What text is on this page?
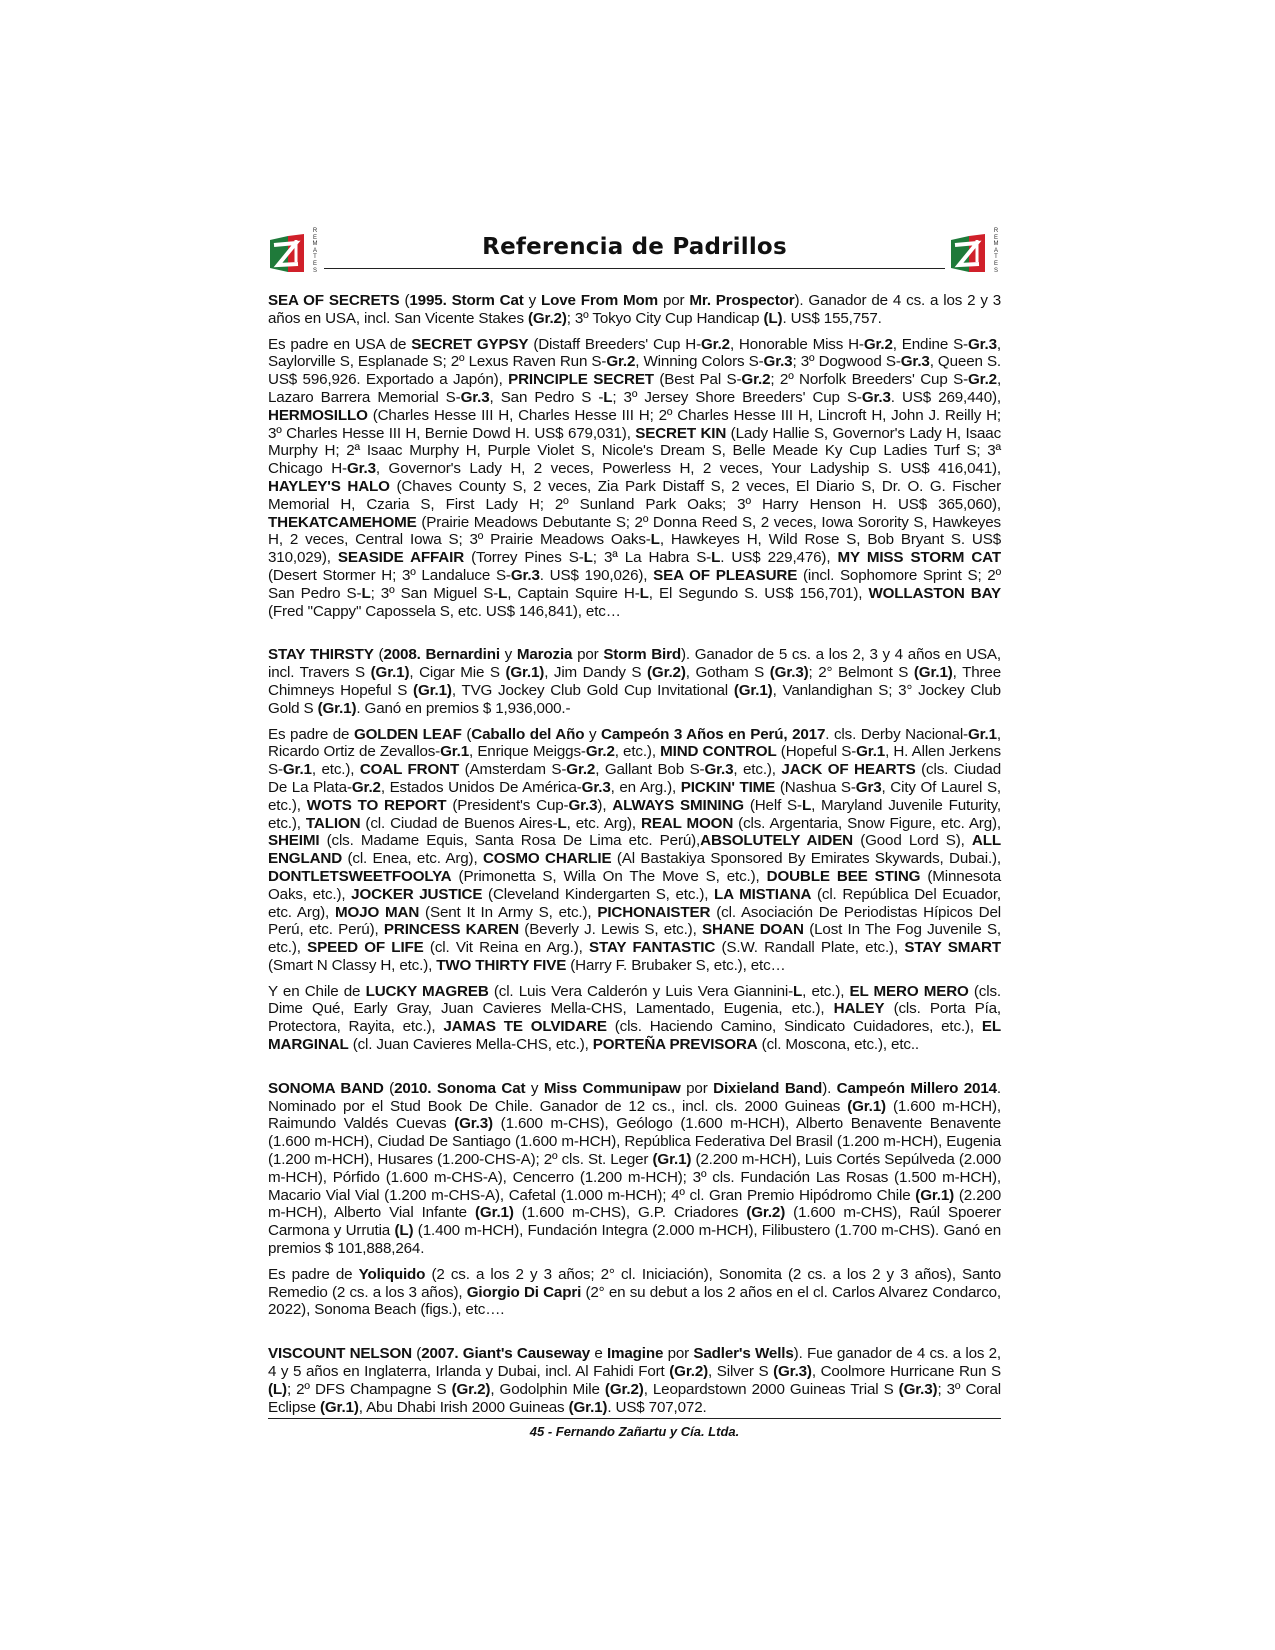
R
E
M
A
T
E
S
Referencia de Padrillos
R
E
M
A
T
E
S

SEA OF SECRETS (1995. Storm Cat y Love From Mom por Mr. Prospector). Ganador de 4 cs. a los 2 y 3 años en USA, incl. San Vicente Stakes (Gr.2); 3º Tokyo City Cup Handicap (L). US$ 155,757.

Es padre en USA de SECRET GYPSY (Distaff Breeders' Cup H-Gr.2, Honorable Miss H-Gr.2, Endine S-Gr.3, Saylorville S, Esplanade S; 2º Lexus Raven Run S-Gr.2, Winning Colors S-Gr.3; 3º Dogwood S-Gr.3, Queen S. US$ 596,926. Exportado a Japón), PRINCIPLE SECRET (Best Pal S-Gr.2; 2º Norfolk Breeders' Cup S-Gr.2, Lazaro Barrera Memorial S-Gr.3, San Pedro S -L; 3º Jersey Shore Breeders' Cup S-Gr.3. US$ 269,440), HERMOSILLO (Charles Hesse III H, Charles Hesse III H; 2º Charles Hesse III H, Lincroft H, John J. Reilly H; 3º Charles Hesse III H, Bernie Dowd H. US$ 679,031), SECRET KIN (Lady Hallie S, Governor's Lady H, Isaac Murphy H; 2ª Isaac Murphy H, Purple Violet S, Nicole's Dream S, Belle Meade Ky Cup Ladies Turf S; 3ª Chicago H-Gr.3, Governor's Lady H, 2 veces, Powerless H, 2 veces, Your Ladyship S. US$ 416,041), HAYLEY'S HALO (Chaves County S, 2 veces, Zia Park Distaff S, 2 veces, El Diario S, Dr. O. G. Fischer Memorial H, Czaria S, First Lady H; 2º Sunland Park Oaks; 3º Harry Henson H. US$ 365,060), THEKATCAMEHOME (Prairie Meadows Debutante S; 2º Donna Reed S, 2 veces, Iowa Sorority S, Hawkeyes H, 2 veces, Central Iowa S; 3º Prairie Meadows Oaks-L, Hawkeyes H, Wild Rose S, Bob Bryant S. US$ 310,029), SEASIDE AFFAIR (Torrey Pines S-L; 3ª La Habra S-L. US$ 229,476), MY MISS STORM CAT (Desert Stormer H; 3º Landaluce S-Gr.3. US$ 190,026), SEA OF PLEASURE (incl. Sophomore Sprint S; 2º San Pedro S-L; 3º San Miguel S-L, Captain Squire H-L, El Segundo S. US$ 156,701), WOLLASTON BAY (Fred "Cappy" Capossela S, etc. US$ 146,841), etc…

STAY THIRSTY (2008. Bernardini y Marozia por Storm Bird). Ganador de 5 cs. a los 2, 3 y 4 años en USA, incl. Travers S (Gr.1), Cigar Mie S (Gr.1), Jim Dandy S (Gr.2), Gotham S (Gr.3); 2° Belmont S (Gr.1), Three Chimneys Hopeful S (Gr.1), TVG Jockey Club Gold Cup Invitational (Gr.1), Vanlandighan S; 3° Jockey Club Gold S (Gr.1). Ganó en premios $ 1,936,000.-

Es padre de GOLDEN LEAF (Caballo del Año y Campeón 3 Años en Perú, 2017. cls. Derby Nacional-Gr.1, Ricardo Ortiz de Zevallos-Gr.1, Enrique Meiggs-Gr.2, etc.), MIND CONTROL (Hopeful S-Gr.1, H. Allen Jerkens S-Gr.1, etc.), COAL FRONT (Amsterdam S-Gr.2, Gallant Bob S-Gr.3, etc.), JACK OF HEARTS (cls. Ciudad De La Plata-Gr.2, Estados Unidos De América-Gr.3, en Arg.), PICKIN' TIME (Nashua S-Gr3, City Of Laurel S, etc.), WOTS TO REPORT (President's Cup-Gr.3), ALWAYS SMINING (Helf S-L, Maryland Juvenile Futurity, etc.), TALION (cl. Ciudad de Buenos Aires-L, etc. Arg), REAL MOON (cls. Argentaria, Snow Figure, etc. Arg), SHEIMI (cls. Madame Equis, Santa Rosa De Lima etc. Perú),ABSOLUTELY AIDEN (Good Lord S), ALL ENGLAND (cl. Enea, etc. Arg), COSMO CHARLIE (Al Bastakiya Sponsored By Emirates Skywards, Dubai.), DONTLETSWEETFOOLYA (Primonetta S, Willa On The Move S, etc.), DOUBLE BEE STING (Minnesota Oaks, etc.), JOCKER JUSTICE (Cleveland Kindergarten S, etc.), LA MISTIANA (cl. República Del Ecuador, etc. Arg), MOJO MAN (Sent It In Army S, etc.), PICHONAISTER (cl. Asociación De Periodistas Hípicos Del Perú, etc. Perú), PRINCESS KAREN (Beverly J. Lewis S, etc.), SHANE DOAN (Lost In The Fog Juvenile S, etc.), SPEED OF LIFE (cl. Vit Reina en Arg.), STAY FANTASTIC (S.W. Randall Plate, etc.), STAY SMART (Smart N Classy H, etc.), TWO THIRTY FIVE (Harry F. Brubaker S, etc.), etc…

Y en Chile de LUCKY MAGREB (cl. Luis Vera Calderón y Luis Vera Giannini-L, etc.), EL MERO MERO (cls. Dime Qué, Early Gray, Juan Cavieres Mella-CHS, Lamentado, Eugenia, etc.), HALEY (cls. Porta Pía, Protectora, Rayita, etc.), JAMAS TE OLVIDARE (cls. Haciendo Camino, Sindicato Cuidadores, etc.), EL MARGINAL (cl. Juan Cavieres Mella-CHS, etc.), PORTEÑA PREVISORA (cl. Moscona, etc.), etc..

SONOMA BAND (2010. Sonoma Cat y Miss Communipaw por Dixieland Band). Campeón Millero 2014. Nominado por el Stud Book De Chile. Ganador de 12 cs., incl. cls. 2000 Guineas (Gr.1) (1.600 m-HCH), Raimundo Valdés Cuevas (Gr.3) (1.600 m-CHS), Geólogo (1.600 m-HCH), Alberto Benavente Benavente (1.600 m-HCH), Ciudad De Santiago (1.600 m-HCH), República Federativa Del Brasil (1.200 m-HCH), Eugenia (1.200 m-HCH), Husares (1.200-CHS-A); 2º cls. St. Leger (Gr.1) (2.200 m-HCH), Luis Cortés Sepúlveda (2.000 m-HCH), Pórfido (1.600 m-CHS-A), Cencerro (1.200 m-HCH); 3º cls. Fundación Las Rosas (1.500 m-HCH), Macario Vial Vial (1.200 m-CHS-A), Cafetal (1.000 m-HCH); 4º cl. Gran Premio Hipódromo Chile (Gr.1) (2.200 m-HCH), Alberto Vial Infante (Gr.1) (1.600 m-CHS), G.P. Criadores (Gr.2) (1.600 m-CHS), Raúl Spoerer Carmona y Urrutia (L) (1.400 m-HCH), Fundación Integra (2.000 m-HCH), Filibustero (1.700 m-CHS). Ganó en premios $ 101,888,264.

Es padre de Yoliquido (2 cs. a los 2 y 3 años; 2° cl. Iniciación), Sonomita (2 cs. a los 2 y 3 años), Santo Remedio (2 cs. a los 3 años), Giorgio Di Capri (2° en su debut a los 2 años en el cl. Carlos Alvarez Condarco, 2022), Sonoma Beach (figs.), etc….

VISCOUNT NELSON (2007. Giant's Causeway e Imagine por Sadler's Wells). Fue ganador de 4 cs. a los 2, 4 y 5 años en Inglaterra, Irlanda y Dubai, incl. Al Fahidi Fort (Gr.2), Silver S (Gr.3), Coolmore Hurricane Run S (L); 2º DFS Champagne S (Gr.2), Godolphin Mile (Gr.2), Leopardstown 2000 Guineas Trial S (Gr.3); 3º Coral Eclipse (Gr.1), Abu Dhabi Irish 2000 Guineas (Gr.1). US$ 707,072.

45 - Fernando Zañartu y Cía. Ltda.
